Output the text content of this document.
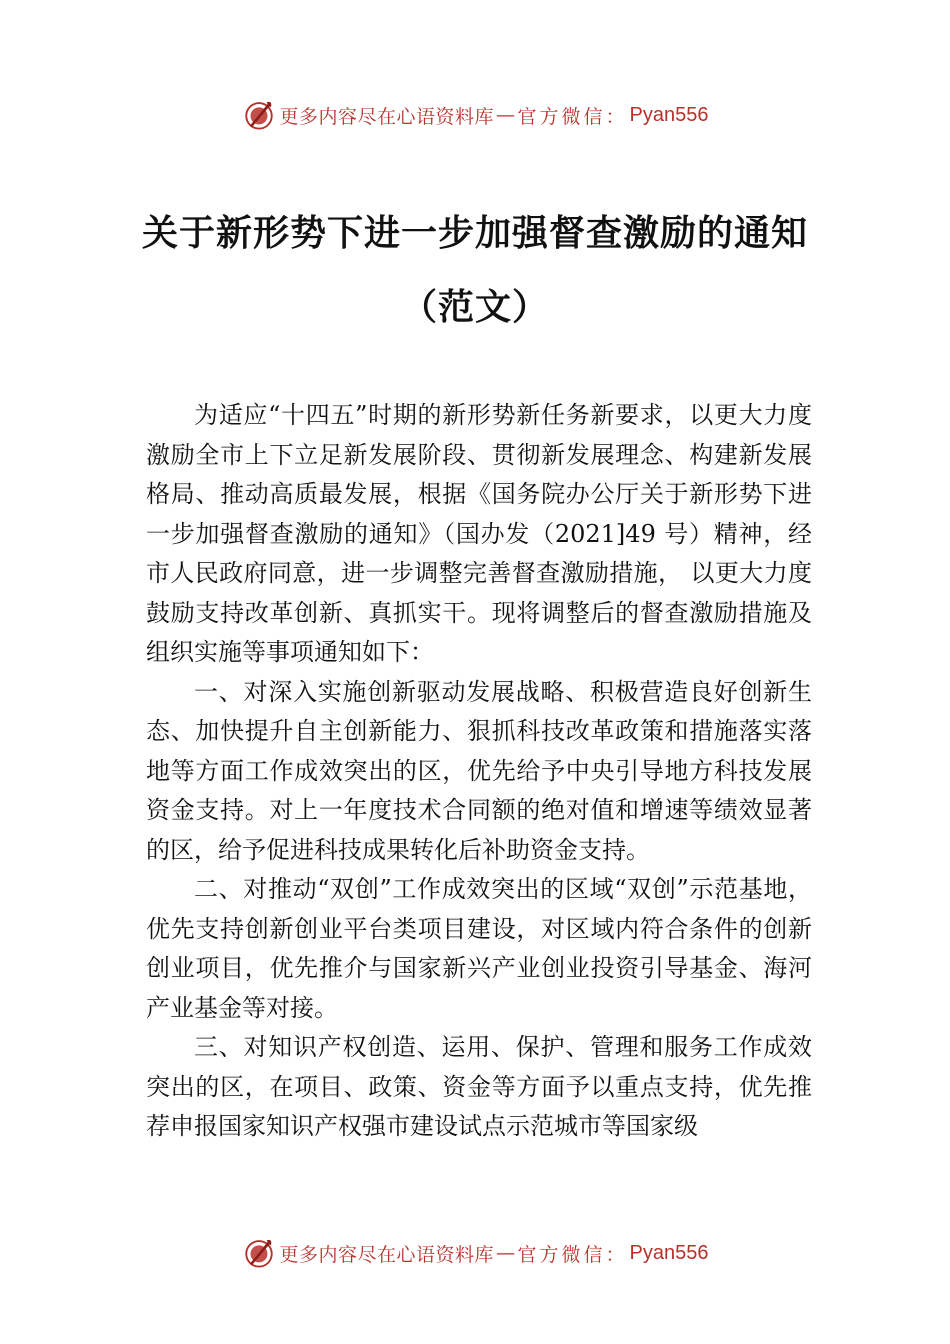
更多内容尽在心语资料库 — 官方微信： Pyan556
关于新形势下进一步加强督查激励的通知
（范文）

为适应“十四五”时期的新形势新任务新要求，以更大力度激励全市上下立足新发展阶段、贯彻新发展理念、构建新发展格局、推动高质最发展，根据《国务院办公厅关于新形势下进一步加强督查激励的通知》（国办发（2021]49 号）精神，经市人民政府同意，进一步调整完善督查激励措施， 以更大力度鼓励支持改革创新、真抓实干。现将调整后的督查激励措施及组织实施等事项通知如下：

一、对深入实施创新驱动发展战略、积极营造良好创新生态、加快提升自主创新能力、狠抓科技改革政策和措施落实落地等方面工作成效突出的区，优先给予中央引导地方科技发展资金支持。对上一年度技术合同额的绝对值和增速等绩效显著的区，给予促进科技成果转化后补助资金支持。

二、对推动“双创”工作成效突出的区域“双创”示范基地，优先支持创新创业平台类项目建设，对区域内符合条件的创新创业项目，优先推介与国家新兴产业创业投资引导基金、海河产业基金等对接。

三、对知识产权创造、运用、保护、管理和服务工作成效突出的区，在项目、政策、资金等方面予以重点支持，优先推荐申报国家知识产权强市建设试点示范城市等国家级

更多内容尽在心语资料库 — 官方微信： Pyan556
